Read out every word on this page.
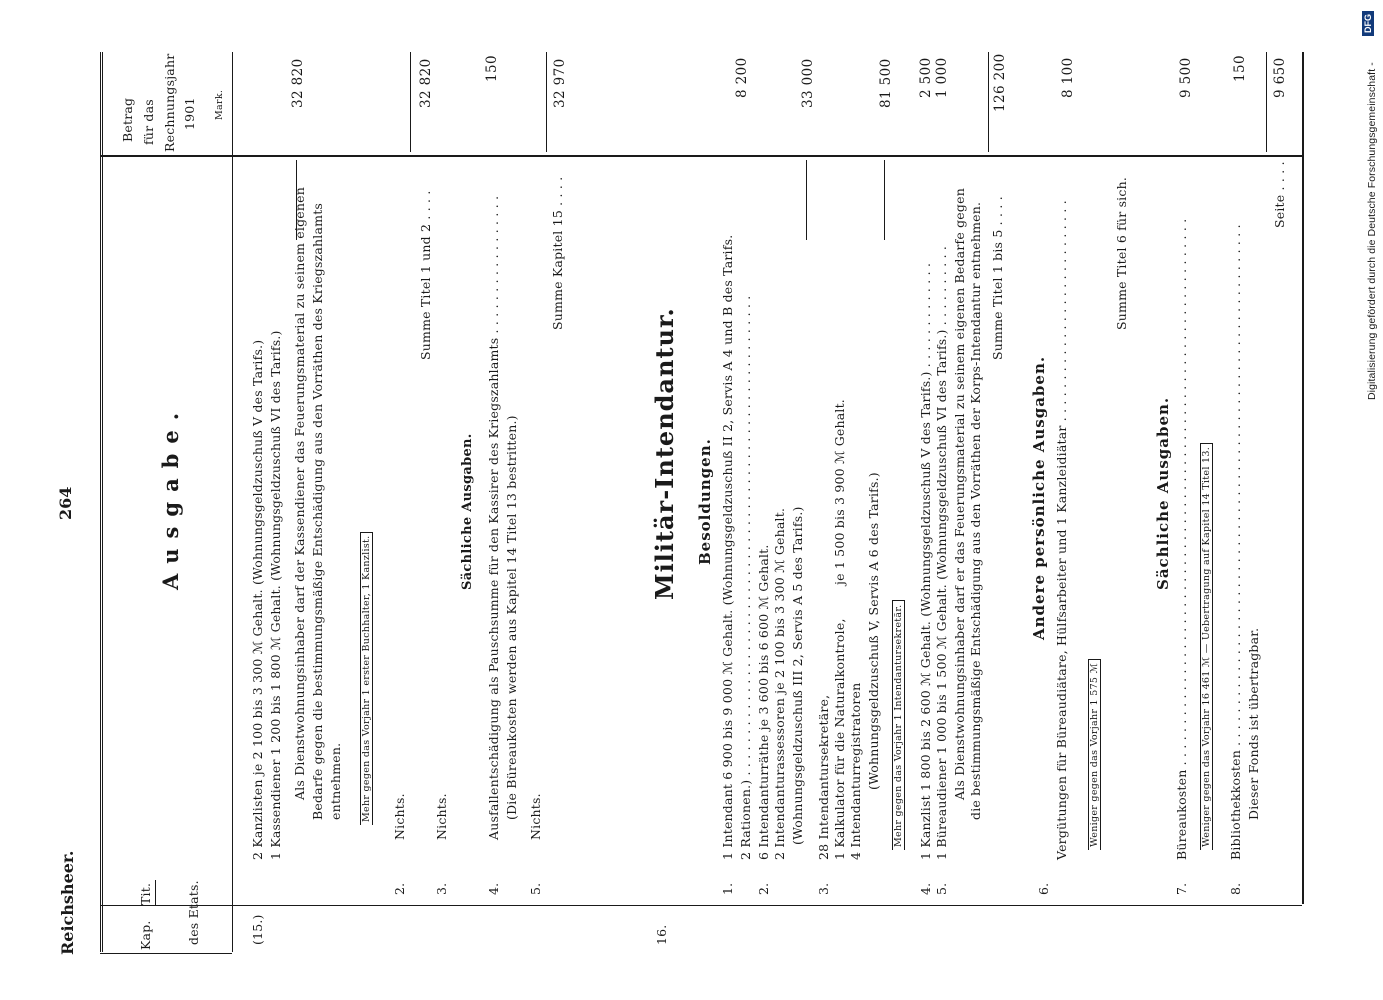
Reichsheer.
264
Kap.
Tit.	des Etats.
Betrag für das Rechnungsjahr 1901 Mark.
Ausgabe.
(15.)
2 Kanzlisten je 2 100 bis 3 300 ℳ Gehalt. (Wohnungsgeldzuschuß V des Tarifs.) 1 Kassendiener 1 200 bis 1 800 ℳ Gehalt. (Wohnungsgeldzuschuß VI des Tarifs.) Als Dienstwohnungsinhaber darf der Kassendiener das Feuerungsmaterial zu seinem eigenen Bedarfe gegen die bestimmungsmäßige Entschädigung aus den Vorräthen des Kriegszahlamts entnehmen. Mehr gegen das Vorjahr 1 erster Buchhalter, 1 Kanzlist.
32 820
2.
Nichts.
3.
Nichts.
Summe Titel 1 und 2 . . . .
32 820
Sächliche Ausgaben.
4.
Ausfallentschädigung als Pauschsumme für den Kassirer des Kriegszahlamts . . . . . . . . . . . . . . . . . (Die Büreaukosten werden aus Kapitel 14 Titel 13 bestritten.)
150
5.
Nichts.
Summe Kapitel 15 . . . .
32 970
16.
Militär-Intendantur. Besoldungen.
1.
1 Intendant 6 900 bis 9 000 ℳ Gehalt. (Wohnungsgeldzuschuß II 2, Servis A 4 und B des Tarifs. 2 Rationen.) . . . . . . . . . . . . . . . . . . . . . . . . . . . . . . . . . . . . . . . . . . . . . . . . . . . . . . . . . .
8 200
2.
6 Intendanturräthe je 3 600 bis 6 600 ℳ Gehalt. 2 Intendanturassessoren je 2 100 bis 3 300 ℳ Gehalt. (Wohnungsgeldzuschuß III 2, Servis A 5 des Tarifs.)
33 000
3.
28 Intendantursekretäre, 1 Kalkulator für die Naturalkontrole, 4 Intendanturregistratoren
je 1 500 bis 3 900 ℳ Gehalt. (Wohnungsgeldzuschuß V, Servis A 6 des Tarifs.) Mehr gegen das Vorjahr 1 Intendantursekretär.
81 500
4. 5.
1 Kanzlist 1 800 bis 2 600 ℳ Gehalt. (Wohnungsgeldzuschuß V des Tarifs.) . . . . . . . . . . . . . 1 Büreaudiener 1 000 bis 1 500 ℳ Gehalt. (Wohnungsgeldzuschuß VI des Tarifs.) . . . . . . . . . .
2 500 1 000
Als Dienstwohnungsinhaber darf er das Feuerungsmaterial zu seinem eigenen Bedarfe gegen die bestimmungsmäßige Entschädigung aus den Vorräthen der Korps-Intendantur entnehmen. Summe Titel 1 bis 5 . . . .
126 200
Andere persönliche Ausgaben.
6.
Vergütungen für Büreaudiätare, Hülfsarbeiter und 1 Kanzleidiätar . . . . . . . . . . . . . . . . . . . . . . . . . . .
8 100
Weniger gegen das Vorjahr 1 575 ℳ
Summe Titel 6 für sich.
Sächliche Ausgaben.
7.
Büreaukosten . . . . . . . . . . . . . . . . . . . . . . . . . . . . . . . . . . . . . . . . . . . . . . . . . . . . . . . . . . . . . . . . . .
9 500
Weniger gegen das Vorjahr 16 461 ℳ — Uebertragung auf Kapitel 14 Titel 13.
8.
Bibliothekkosten . . . . . . . . . . . . . . . . . . . . . . . . . . . . . . . . . . . . . . . . . . . . . . . . . . . . . . . . . . . . . . .
150
Dieser Fonds ist übertragbar.
Seite . . . .
9 650	Digitalisierung gefördert durch die Deutsche Forschungsgemeinschaft -
DFG
